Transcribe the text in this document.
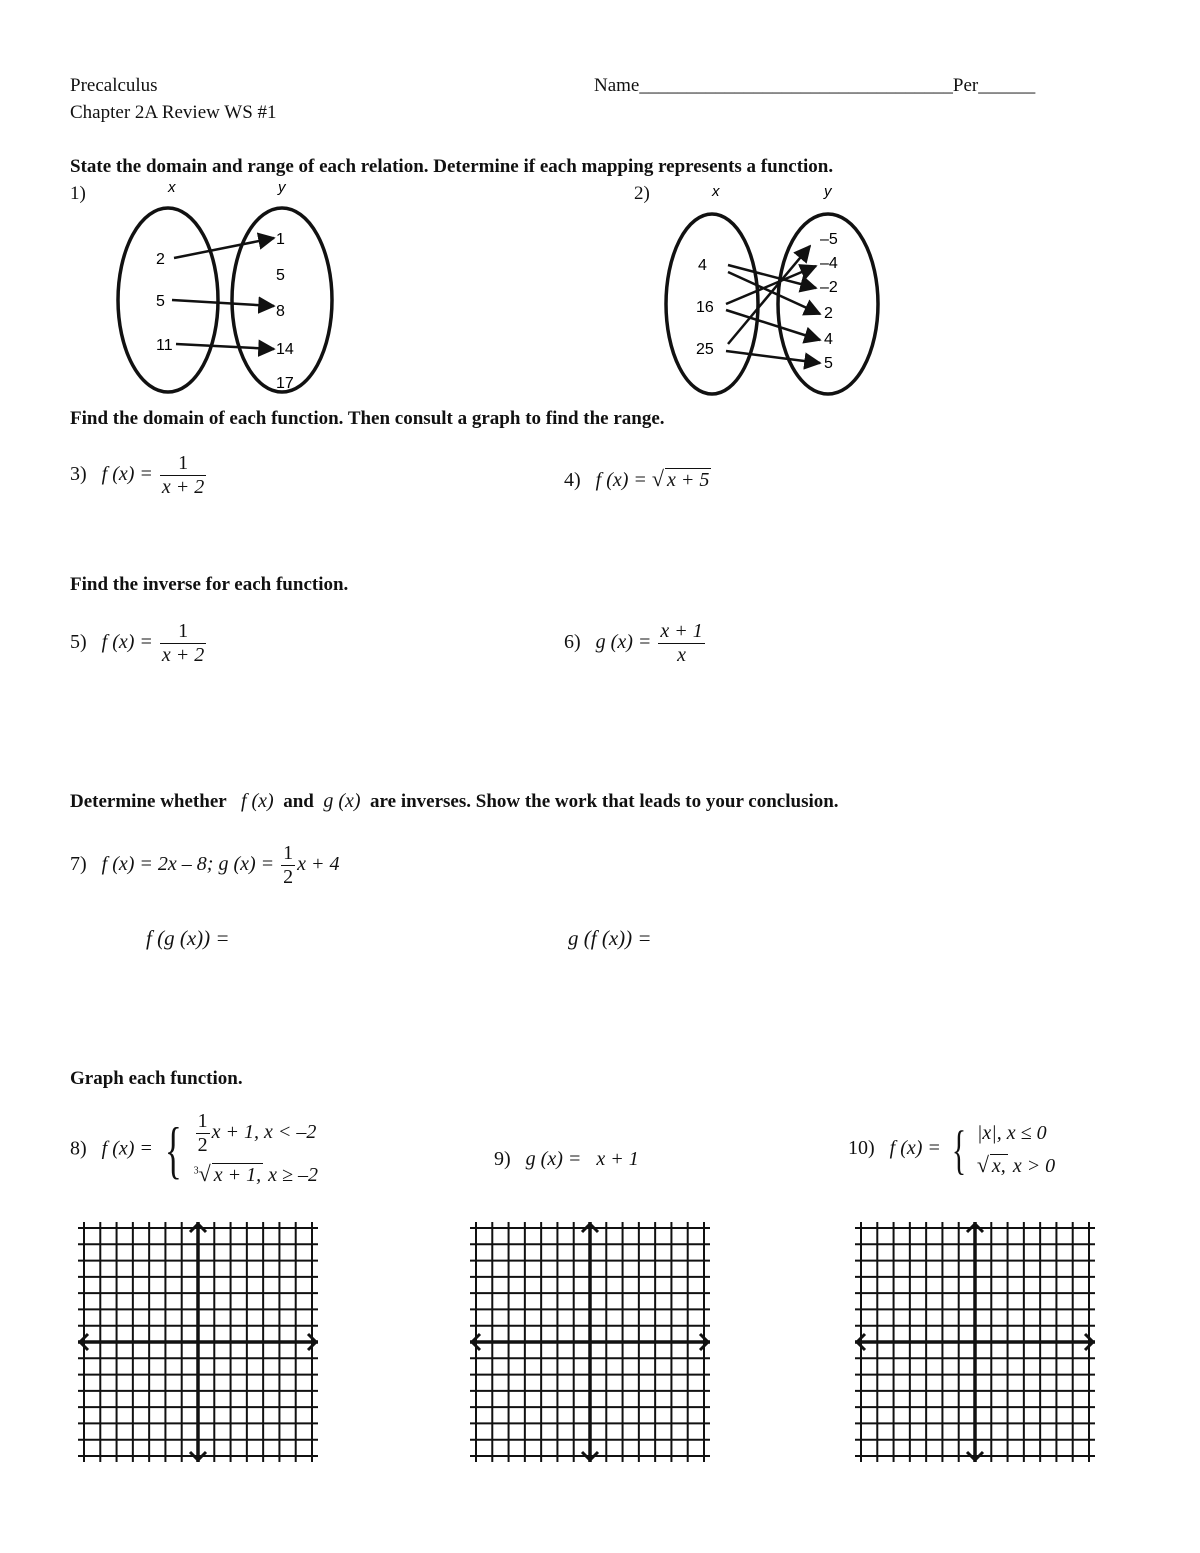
Precalculus
Chapter 2A Review WS #1
Name_________________________________Per______
State the domain and range of each relation. Determine if each mapping represents a function.
1)	2)
x	y
2
5
11
1
5
8
14
17
x	y
4
16
25
–5
–4
–2
2
4
5
Find the domain of each function. Then consult a graph to find the range.
3) f $(x) = \frac{1}{x + 2}$	4) f (x) = √ x + 5
Find the inverse for each function.
5) f $(x) = \frac{1}{x + 2}$	6) g $(x) = \frac{x + 1}{x}$
Determine whether f (x) and g (x) are inverses. Show the work that leads to your conclusion.
7) f (x) = 2x – 8; g $(x) = \frac{1}{2}$ x + 4
f (g (x)) =	g (f (x)) =
Graph each function.
8) f (x) = { $\frac{1}{2}$ x + 1, x < –2
$^3$√ x + 1, x ≥ –2
9) g (x) = x + 1	10) f (x) = { |x|, x ≤ 0
√ x, x > 0
